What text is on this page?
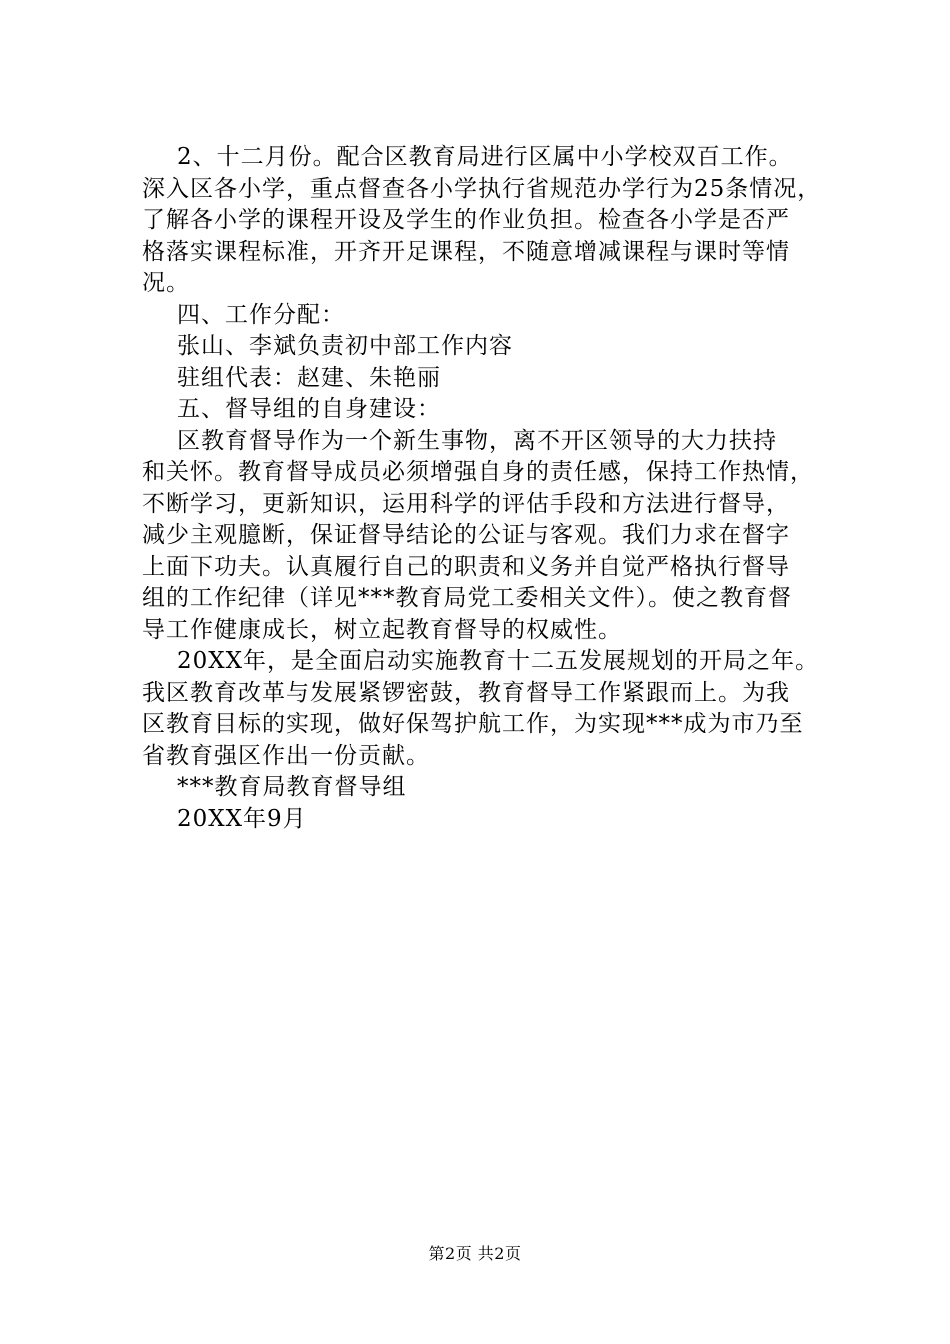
2、十二月份。配合区教育局进行区属中小学校双百工作。
深入区各小学，重点督查各小学执行省规范办学行为25条情况，
了解各小学的课程开设及学生的作业负担。检查各小学是否严
格落实课程标准，开齐开足课程，不随意增减课程与课时等情
况。
四、工作分配：
张山、李斌负责初中部工作内容
驻组代表：赵建、朱艳丽
五、督导组的自身建设：
区教育督导作为一个新生事物，离不开区领导的大力扶持
和关怀。教育督导成员必须增强自身的责任感，保持工作热情，
不断学习，更新知识，运用科学的评估手段和方法进行督导，
减少主观臆断，保证督导结论的公证与客观。我们力求在督字
上面下功夫。认真履行自己的职责和义务并自觉严格执行督导
组的工作纪律（详见***教育局党工委相关文件）。使之教育督
导工作健康成长，树立起教育督导的权威性。
20XX年，是全面启动实施教育十二五发展规划的开局之年。
我区教育改革与发展紧锣密鼓，教育督导工作紧跟而上。为我
区教育目标的实现，做好保驾护航工作，为实现***成为市乃至
省教育强区作出一份贡献。
***教育局教育督导组
20XX年9月
第2页 共2页
